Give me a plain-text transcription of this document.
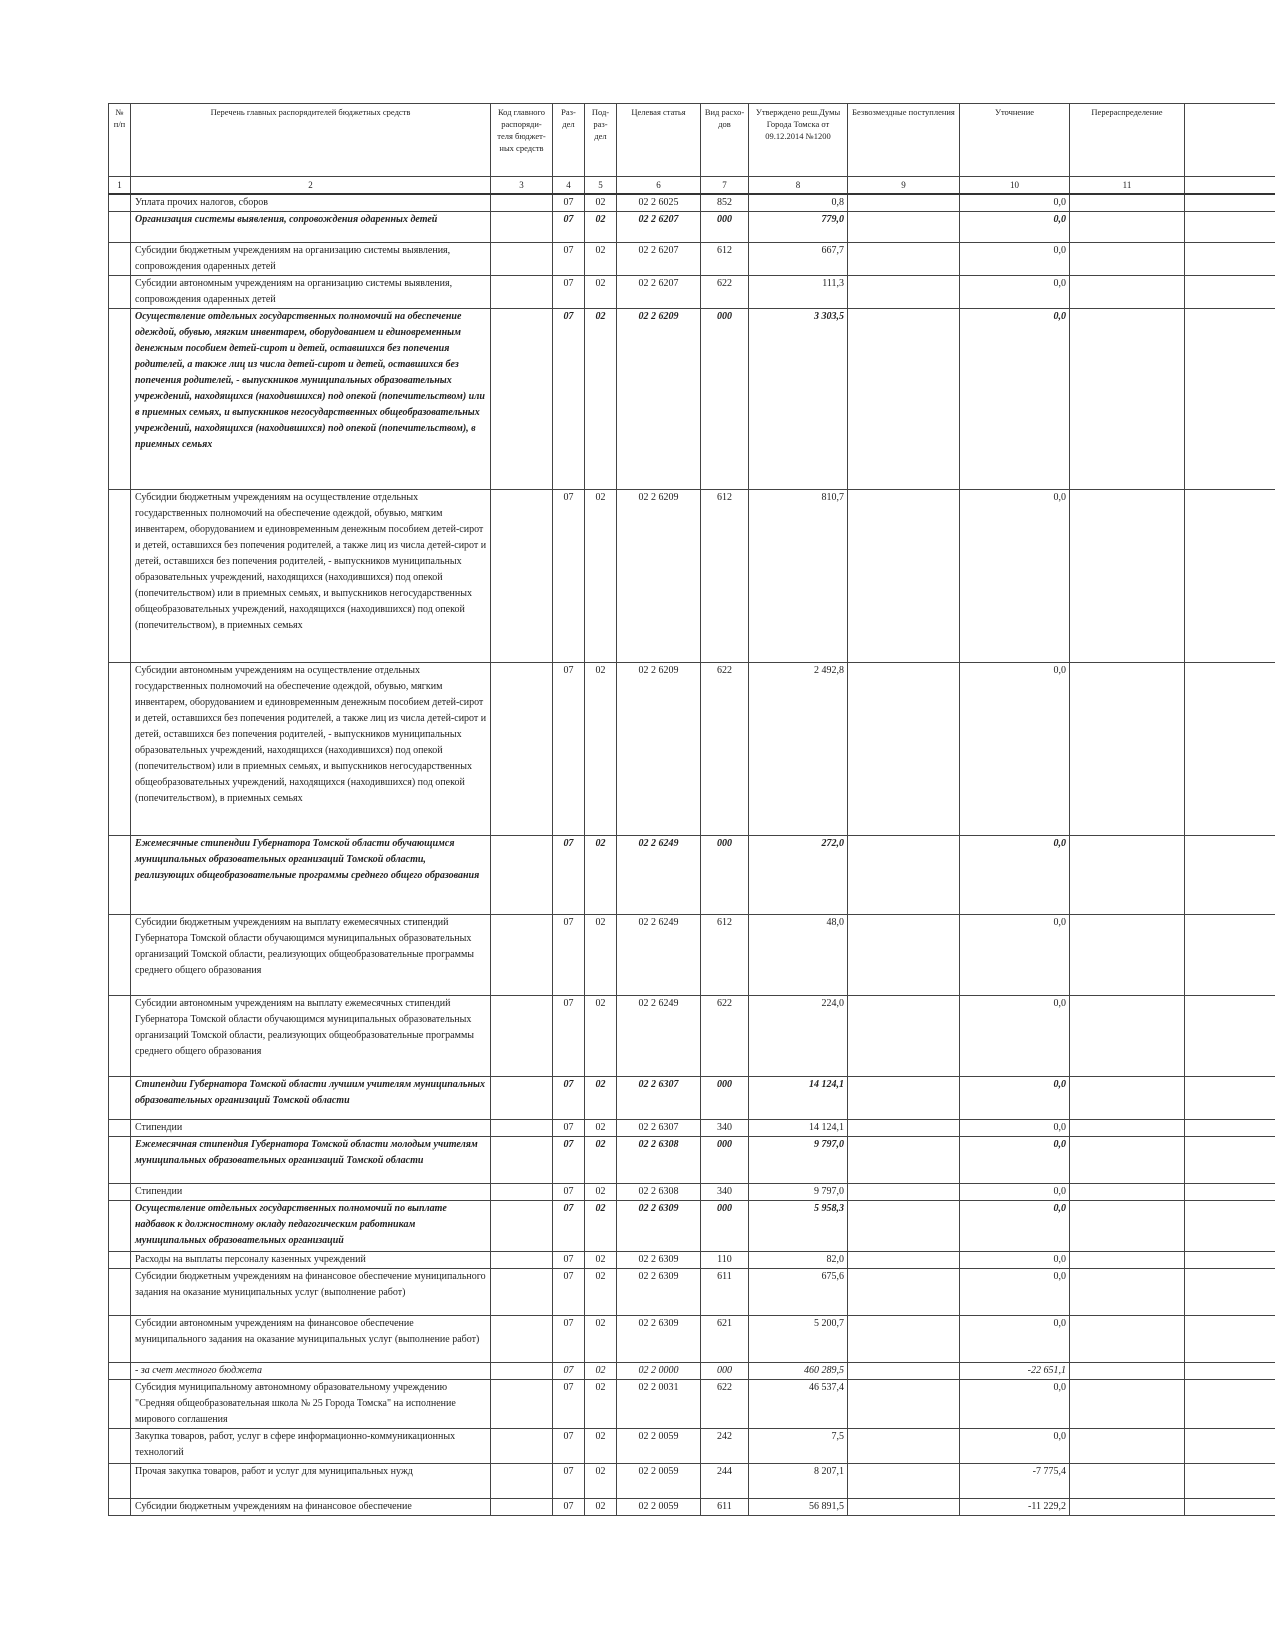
№ п/п	Перечень главных распорядителей бюджетных средств	Код главного распоряди- теля бюджет- ных средств	Раз- дел	Под- раз- дел	Целевая статья	Вид расхо- дов	Утверждено реш.Думы Города Томска от 09.12.2014 №1200	Безвозмездные поступления	Уточнение	Перераспределение	
1	2	3	4	5	6	7	8	9	10	11	
	Уплата прочих налогов, сборов		07	02	02 2 6025	852	0,8		0,0		
	Организация системы выявления, сопровождения одаренных детей		07	02	02 2 6207	000	779,0		0,0		
	Субсидии бюджетным учреждениям на организацию системы выявления, сопровождения одаренных детей		07	02	02 2 6207	612	667,7		0,0		
	Субсидии автономным учреждениям на организацию системы выявления, сопровождения одаренных детей		07	02	02 2 6207	622	111,3		0,0		
	Осуществление отдельных государственных полномочий на обеспечение одеждой, обувью, мягким инвентарем, оборудованием и единовременным денежным пособием детей-сирот и детей, оставшихся без попечения родителей, а также лиц из числа детей-сирот и детей, оставшихся без попечения родителей, - выпускников муниципальных образовательных учреждений, находящихся (находившихся) под опекой (попечительством) или в приемных семьях, и выпускников негосударственных общеобразовательных учреждений, находящихся (находившихся) под опекой (попечительством), в приемных семьях		07	02	02 2 6209	000	3 303,5		0,0		
	Субсидии бюджетным учреждениям на осуществление отдельных государственных полномочий на обеспечение одеждой, обувью, мягким инвентарем, оборудованием и единовременным денежным пособием детей-сирот и детей, оставшихся без попечения родителей, а также лиц из числа детей-сирот и детей, оставшихся без попечения родителей, - выпускников муниципальных образовательных учреждений, находящихся (находившихся) под опекой (попечительством) или в приемных семьях, и выпускников негосударственных общеобразовательных учреждений, находящихся (находившихся) под опекой (попечительством), в приемных семьях		07	02	02 2 6209	612	810,7		0,0		
	Субсидии автономным учреждениям на осуществление отдельных государственных полномочий на обеспечение одеждой, обувью, мягким инвентарем, оборудованием и единовременным денежным пособием детей-сирот и детей, оставшихся без попечения родителей, а также лиц из числа детей-сирот и детей, оставшихся без попечения родителей, - выпускников муниципальных образовательных учреждений, находящихся (находившихся) под опекой (попечительством) или в приемных семьях, и выпускников негосударственных общеобразовательных учреждений, находящихся (находившихся) под опекой (попечительством), в приемных семьях		07	02	02 2 6209	622	2 492,8		0,0		
	Ежемесячные стипендии Губернатора Томской области обучающимся муниципальных образовательных организаций Томской области, реализующих общеобразовательные программы среднего общего образования		07	02	02 2 6249	000	272,0		0,0		
	Субсидии бюджетным учреждениям на выплату ежемесячных стипендий Губернатора Томской области обучающимся муниципальных образовательных организаций Томской области, реализующих общеобразовательные программы среднего общего образования		07	02	02 2 6249	612	48,0		0,0		
	Субсидии автономным учреждениям на выплату ежемесячных стипендий Губернатора Томской области обучающимся муниципальных образовательных организаций Томской области, реализующих общеобразовательные программы среднего общего образования		07	02	02 2 6249	622	224,0		0,0		
	Стипендии Губернатора Томской области лучшим учителям муниципальных образовательных организаций Томской области		07	02	02 2 6307	000	14 124,1		0,0		
	Стипендии		07	02	02 2 6307	340	14 124,1		0,0		
	Ежемесячная стипендия Губернатора Томской области молодым учителям муниципальных образовательных организаций Томской области		07	02	02 2 6308	000	9 797,0		0,0		
	Стипендии		07	02	02 2 6308	340	9 797,0		0,0		
	Осуществление отдельных государственных полномочий по выплате надбавок к должностному окладу педагогическим работникам муниципальных образовательных организаций		07	02	02 2 6309	000	5 958,3		0,0		
	Расходы на выплаты персоналу казенных учреждений		07	02	02 2 6309	110	82,0		0,0		
	Субсидии бюджетным учреждениям на финансовое обеспечение муниципального задания на оказание муниципальных услуг (выполнение работ)		07	02	02 2 6309	611	675,6		0,0		
	Субсидии автономным учреждениям на финансовое обеспечение муниципального задания на оказание муниципальных услуг (выполнение работ)		07	02	02 2 6309	621	5 200,7		0,0		
	- за счет местного бюджета		07	02	02 2 0000	000	460 289,5		-22 651,1		
	Субсидия муниципальному автономному образовательному учреждению "Средняя общеобразовательная школа № 25 Города Томска" на исполнение мирового соглашения		07	02	02 2 0031	622	46 537,4		0,0		
	Закупка товаров, работ, услуг в сфере информационно-коммуникационных технологий		07	02	02 2 0059	242	7,5		0,0		
	Прочая закупка товаров, работ и услуг для муниципальных нужд		07	02	02 2 0059	244	8 207,1		-7 775,4		
	Субсидии бюджетным учреждениям на финансовое обеспечение		07	02	02 2 0059	611	56 891,5		-11 229,2		
